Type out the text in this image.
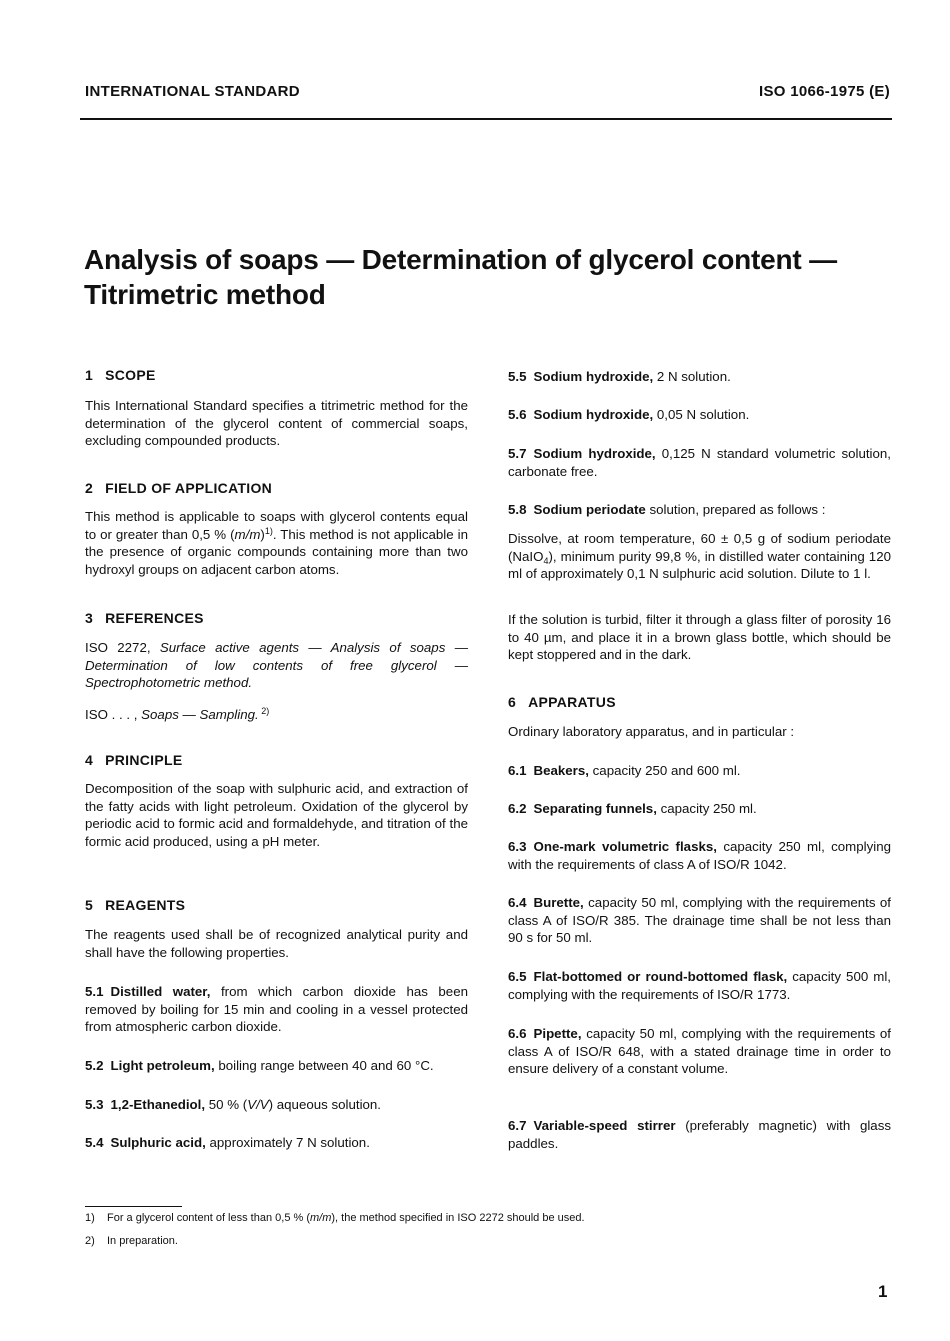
INTERNATIONAL STANDARD	ISO 1066-1975 (E)
Analysis of soaps — Determination of glycerol content —
Titrimetric method
1 SCOPE
This International Standard specifies a titrimetric method for the determination of the glycerol content of commercial soaps, excluding compounded products.
2 FIELD OF APPLICATION
This method is applicable to soaps with glycerol contents equal to or greater than 0,5 % $(m/m)^{1)}$. This method is not applicable in the presence of organic compounds containing more than two hydroxyl groups on adjacent carbon atoms.
3 REFERENCES
ISO 2272, Surface active agents — Analysis of soaps — Determination of low contents of free glycerol — Spectrophotometric method.
ISO . . . , Soaps — Sampling. $^{2)}$
4 PRINCIPLE
Decomposition of the soap with sulphuric acid, and extraction of the fatty acids with light petroleum. Oxidation of the glycerol by periodic acid to formic acid and formaldehyde, and titration of the formic acid produced, using a pH meter.
5 REAGENTS
The reagents used shall be of recognized analytical purity and shall have the following properties.
5.1 Distilled water, from which carbon dioxide has been removed by boiling for 15 min and cooling in a vessel protected from atmospheric carbon dioxide.
5.2 Light petroleum, boiling range between 40 and 60 °C.
5.3 1,2-Ethanediol, 50 % (V/V) aqueous solution.
5.4 Sulphuric acid, approximately 7 N solution.
5.5 Sodium hydroxide, 2 N solution.
5.6 Sodium hydroxide, 0,05 N solution.
5.7 Sodium hydroxide, 0,125 N standard volumetric solution, carbonate free.
5.8 Sodium periodate solution, prepared as follows :
Dissolve, at room temperature, 60 ± 0,5 g of sodium periodate (NaIO$_4$), minimum purity 99,8 %, in distilled water containing 120 ml of approximately 0,1 N sulphuric acid solution. Dilute to 1 l.
If the solution is turbid, filter it through a glass filter of porosity 16 to 40 µm, and place it in a brown glass bottle, which should be kept stoppered and in the dark.
6 APPARATUS
Ordinary laboratory apparatus, and in particular :
6.1 Beakers, capacity 250 and 600 ml.
6.2 Separating funnels, capacity 250 ml.
6.3 One-mark volumetric flasks, capacity 250 ml, complying with the requirements of class A of ISO/R 1042.
6.4 Burette, capacity 50 ml, complying with the requirements of class A of ISO/R 385. The drainage time shall be not less than 90 s for 50 ml.
6.5 Flat-bottomed or round-bottomed flask, capacity 500 ml, complying with the requirements of ISO/R 1773.
6.6 Pipette, capacity 50 ml, complying with the requirements of class A of ISO/R 648, with a stated drainage time in order to ensure delivery of a constant volume.
6.7 Variable-speed stirrer (preferably magnetic) with glass paddles.
1) For a glycerol content of less than 0,5 % (m/m), the method specified in ISO 2272 should be used.
2) In preparation.
1
